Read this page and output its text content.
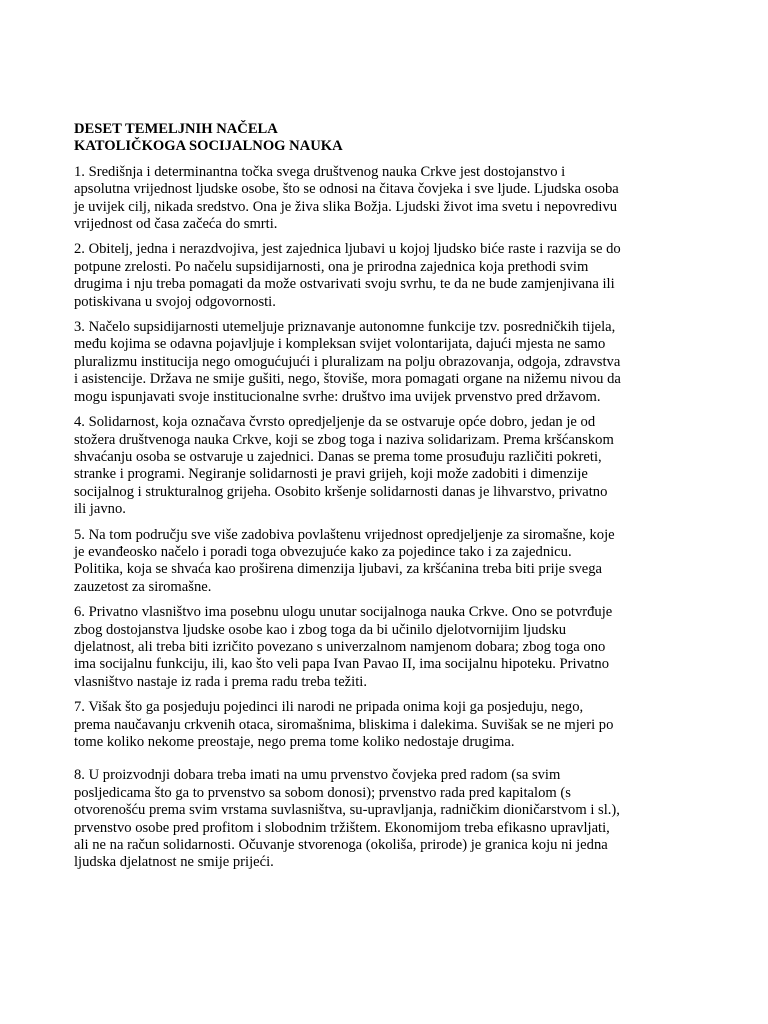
DESET TEMELJNIH NAČELA
KATOLIČKOGA SOCIJALNOG NAUKA

1. Središnja i determinantna točka svega društvenog nauka Crkve jest dostojanstvo i apsolutna vrijednost ljudske osobe, što se odnosi na čitava čovjeka i sve ljude. Ljudska osoba je uvijek cilj, nikada sredstvo. Ona je živa slika Božja. Ljudski život ima svetu i nepovredivu vrijednost od časa začeća do smrti.

2. Obitelj, jedna i nerazdvojiva, jest zajednica ljubavi u kojoj ljudsko biće raste i razvija se do potpune zrelosti. Po načelu supsidijarnosti, ona je prirodna zajednica koja prethodi svim drugima i nju treba pomagati da može ostvarivati svoju svrhu, te da ne bude zamjenjivana ili potiskivana u svojoj odgovornosti.

3. Načelo supsidijarnosti utemeljuje priznavanje autonomne funkcije tzv. posredničkih tijela, među kojima se odavna pojavljuje i kompleksan svijet volontarijata, dajući mjesta ne samo pluralizmu institucija nego omogućujući i pluralizam na polju obrazovanja, odgoja, zdravstva i asistencije. Država ne smije gušiti, nego, štoviše, mora pomagati organe na nižemu nivou da mogu ispunjavati svoje institucionalne svrhe: društvo ima uvijek prvenstvo pred državom.

4. Solidarnost, koja označava čvrsto opredjeljenje da se ostvaruje opće dobro, jedan je od stožera društvenoga nauka Crkve, koji se zbog toga i naziva solidarizam. Prema kršćanskom shvaćanju osoba se ostvaruje u zajednici. Danas se prema tome prosuđuju različiti pokreti, stranke i programi. Negiranje solidarnosti je pravi grijeh, koji može zadobiti i dimenzije socijalnog i strukturalnog grijeha. Osobito kršenje solidarnosti danas je lihvarstvo, privatno ili javno.

5. Na tom području sve više zadobiva povlaštenu vrijednost opredjeljenje za siromašne, koje je evanđeosko načelo i poradi toga obvezujuće kako za pojedince tako i za zajednicu. Politika, koja se shvaća kao proširena dimenzija ljubavi, za kršćanina treba biti prije svega zauzetost za siromašne.

6. Privatno vlasništvo ima posebnu ulogu unutar socijalnoga nauka Crkve. Ono se potvrđuje zbog dostojanstva ljudske osobe kao i zbog toga da bi učinilo djelotvornijim ljudsku djelatnost, ali treba biti izričito povezano s univerzalnom namjenom dobara; zbog toga ono ima socijalnu funkciju, ili, kao što veli papa Ivan Pavao II, ima socijalnu hipoteku. Privatno vlasništvo nastaje iz rada i prema radu treba težiti.

7. Višak što ga posjeduju pojedinci ili narodi ne pripada onima koji ga posjeduju, nego, prema naučavanju crkvenih otaca, siromašnima, bliskima i dalekima. Suvišak se ne mjeri po tome koliko nekome preostaje, nego prema tome koliko nedostaje drugima.

8. U proizvodnji dobara treba imati na umu prvenstvo čovjeka pred radom (sa svim posljedicama što ga to prvenstvo sa sobom donosi); prvenstvo rada pred kapitalom (s otvorenošću prema svim vrstama suvlasništva, su-upravljanja, radničkim dioničarstvom i sl.), prvenstvo osobe pred profitom i slobodnim tržištem. Ekonomijom treba efikasno upravljati, ali ne na račun solidarnosti. Očuvanje stvorenoga (okoliša, prirode) je granica koju ni jedna ljudska djelatnost ne smije prijeći.
